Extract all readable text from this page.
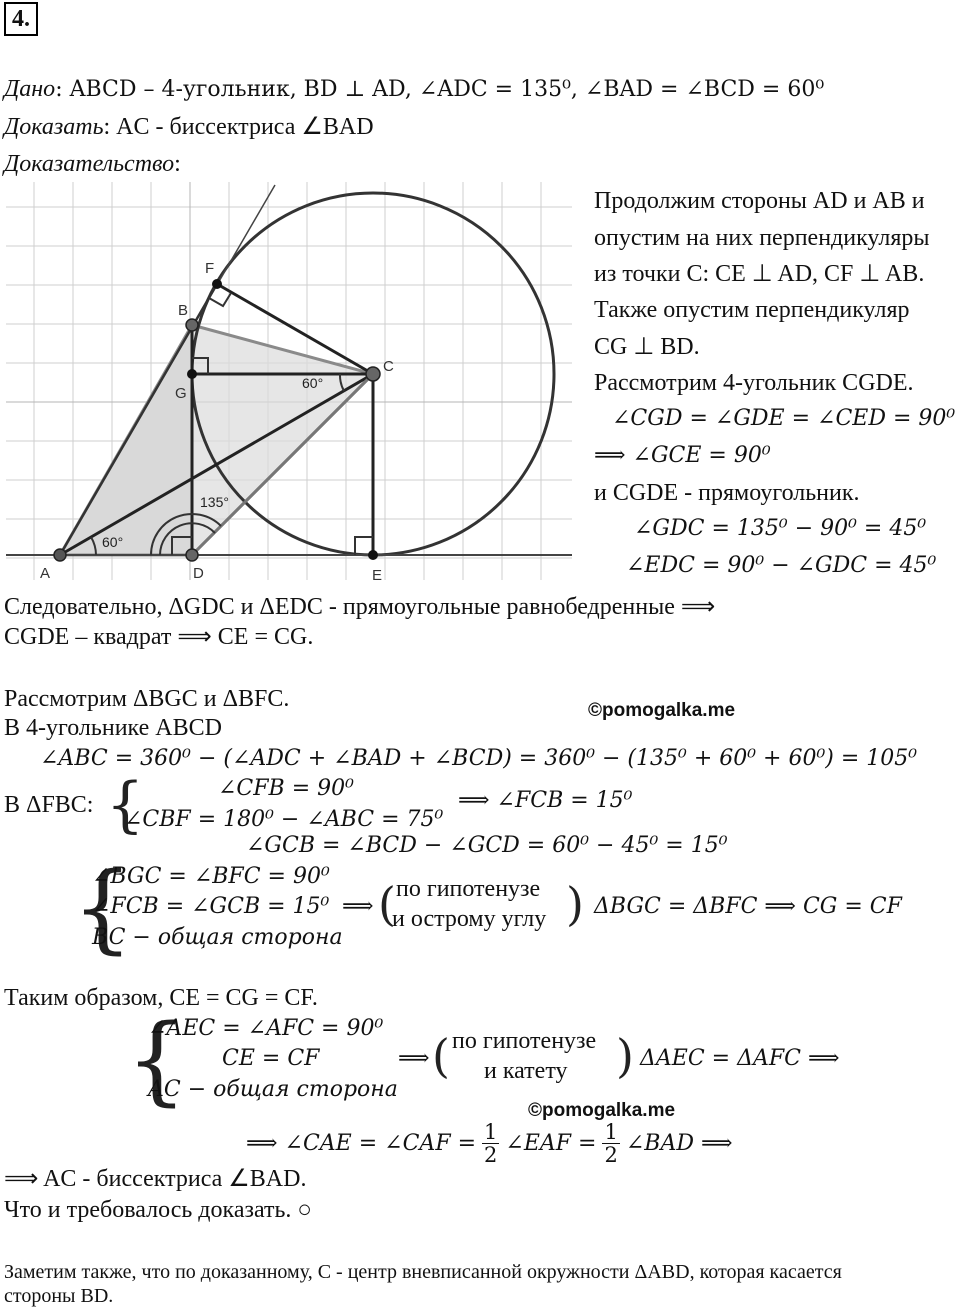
4.
Дано: ABCD – 4-угольник, BD ⊥ AD, ∠ADC = 135⁰, ∠BAD = ∠BCD = 60⁰
Доказать: AC - биссектриса ∠BAD
Доказательство:
A
B
C
D	E
F
G
60°
60°
135°
Продолжим стороны AD и AB и
опустим на них перпендикуляры
из точки C: CE ⊥ AD, CF ⊥ AB.
Также опустим перпендикуляр
CG ⊥ BD.
Рассмотрим 4-угольник CGDE.
∠CGD = ∠GDE = ∠CED = 90⁰
⟹ ∠GCE = 90⁰
и CGDE - прямоугольник.
∠GDC = 135⁰ − 90⁰ = 45⁰
∠EDC = 90⁰ − ∠GDC = 45⁰
Следовательно, ΔGDC и ΔEDC - прямоугольные равнобедренные ⟹
CGDE – квадрат ⟹ CE = CG.
Рассмотрим ΔBGC и ΔBFC.	©pomogalka.me
В 4-угольнике ABCD
∠ABC = 360⁰ − (∠ADC + ∠BAD + ∠BCD) = 360⁰ − (135⁰ + 60⁰ + 60⁰) = 105⁰
В ΔFBC: {	∠CFB = 90⁰
∠CBF = 180⁰ − ∠ABC = 75⁰
⟹ ∠FCB = 15⁰
∠GCB = ∠BCD − ∠GCD = 60⁰ − 45⁰ = 15⁰
{
∠BGC = ∠BFC = 90⁰
∠FCB = ∠GCB = 15⁰
BC − общая сторона
⟹ ( по гипотенузе
и острому углу ) ΔBGC = ΔBFC ⟹ CG = CF
Таким образом, CE = CG = CF.
{
∠AEC = ∠AFC = 90⁰
CE = CF
AC − общая сторона
⟹ ( по гипотенузе
и катету ) ΔAEC = ΔAFC ⟹
©pomogalka.me
⟹ ∠CAE = ∠CAF = $\frac{1}{2}$ ∠EAF = $\frac{1}{2}$ ∠BAD ⟹
⟹ AC - биссектриса ∠BAD.
Что и требовалось доказать. ○
Заметим также, что по доказанному, C - центр вневписанной окружности ΔABD, которая касается
стороны BD.
